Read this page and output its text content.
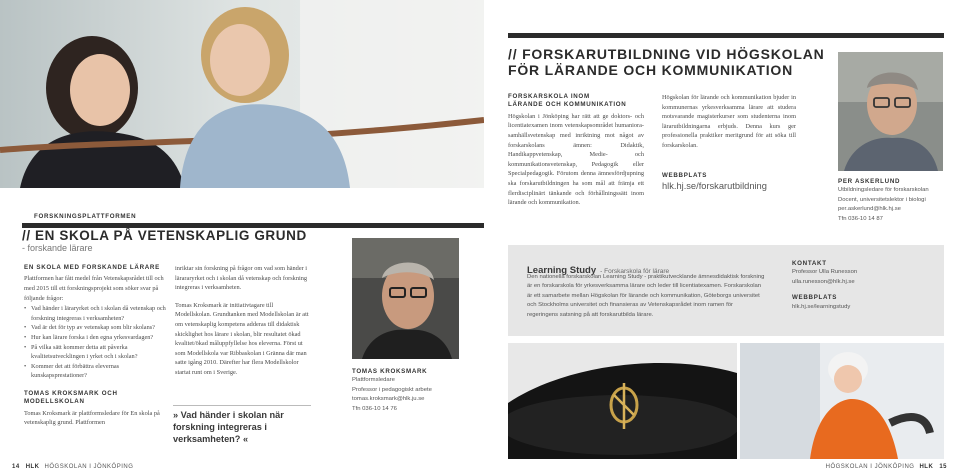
FORSKNINGSPLATTFORMEN
// EN SKOLA PÅ VETENSKAPLIG GRUND
- forskande lärare
EN SKOLA MED FORSKANDE LÄRARE
Plattformen har fått medel från Vetenskapsrådet till och med 2015 till ett forskningsprojekt som söker svar på följande frågor:
• Vad händer i läraryrket och i skolan då vetenskap och forskning integreras i verksamheten?
• Vad är det för typ av vetenskap som blir skolans?
• Hur kan lärare forska i den egna yrkesvardagen?
• På vilka sätt kommer detta att påverka kvalitetsutvecklingen i yrket och i skolan?
• Kommer det att förbättra elevernas kunskapsprestationer?
TOMAS KROKSMARK OCH
MODELLSKOLAN
Tomas Kroksmark är plattformsledare för En skola på vetenskaplig grund. Plattformen
inriktar sin forskning på frågor om vad som händer i lärararyrket och i skolan då vetenskap och forskning integreras i verksamheten.
Tomas Kroksmark är initiativtagare till Modellskolan. Grundtanken med Modellskolan är att om vetenskaplig kompetens adderas till didaktisk skicklighet hos lärare i skolan, blir resultatet ökad kvalitet/ökad måluppfyllelse hos eleverna. Först ut som Modellskola var Ribbaskolan i Gränna där man satte igång 2010. Därefter har flera Modellskolor startat runt om i Sverige.
» Vad händer i skolan när forskning integreras i verksamheten? «
TOMAS KROKSMARK
Plattformsledare
Professor i pedagogiskt arbete
tomas.kroksmark@hlk.ju.se
Tfn 036-10 14 76
14 HLK HÖGSKOLAN I JÖNKÖPING
// FORSKARUTBILDNING VID HÖGSKOLAN
FÖR LÄRANDE OCH KOMMUNIKATION
FORSKARSKOLA INOM
LÄRANDE OCH KOMMUNIKATION
Högskolan i Jönköping har rätt att ge doktors- och licentiatexamen inom vetenskapsområdet humaniora-samhällsvetenskap med inriktning mot något av forskarskolans ämnen: Didaktik, Handikappvetenskap, Medie- och kommunikationsvetenskap, Pedagogik eller Specialpedagogik. Förutom denna ämnesfördjupning ska forskarutbildningen ha som mål att främja ett flerdisciplinärt tänkande och förhållningssätt inom lärande och kommunikation.
Högskolan för lärande och kommunikation bjuder in kommunernas yrkesverksamma lärare att studera motsvarande magisterkurser som studenterna inom lärarutbildningarna erbjuds. Denna kurs ger professionella praktiker meritgrund för att söka till forskarskolan.
WEBBPLATS
hlk.hj.se/forskarutbildning	PER ASKERLUND
Utbildningsledare för forskarskolan
Docent, universitetslektor i biologi
per.askerlund@hlk.hj.se
Tfn 036-10 14 87
Learning Study - Forskarskola för lärare
Den nationella forskarskolan Learning Study - praktikutvecklande ämnesdidaktisk forskning är en forskarskola för yrkesverksamma lärare och leder till licentiatexamen. Forskarskolan är ett samarbete mellan Högskolan för lärande och kommunikation, Göteborgs universitet och Stockholms universitet och finansieras av Vetenskapsrådet inom ramen för regeringens satsning på att forskarutbilda lärare.
KONTAKT
Professor Ulla Runesson
ulla.runesson@hlk.hj.se
WEBBPLATS
hlk.hj.se/learningstudy
HÖGSKOLAN I JÖNKÖPING HLK 15
